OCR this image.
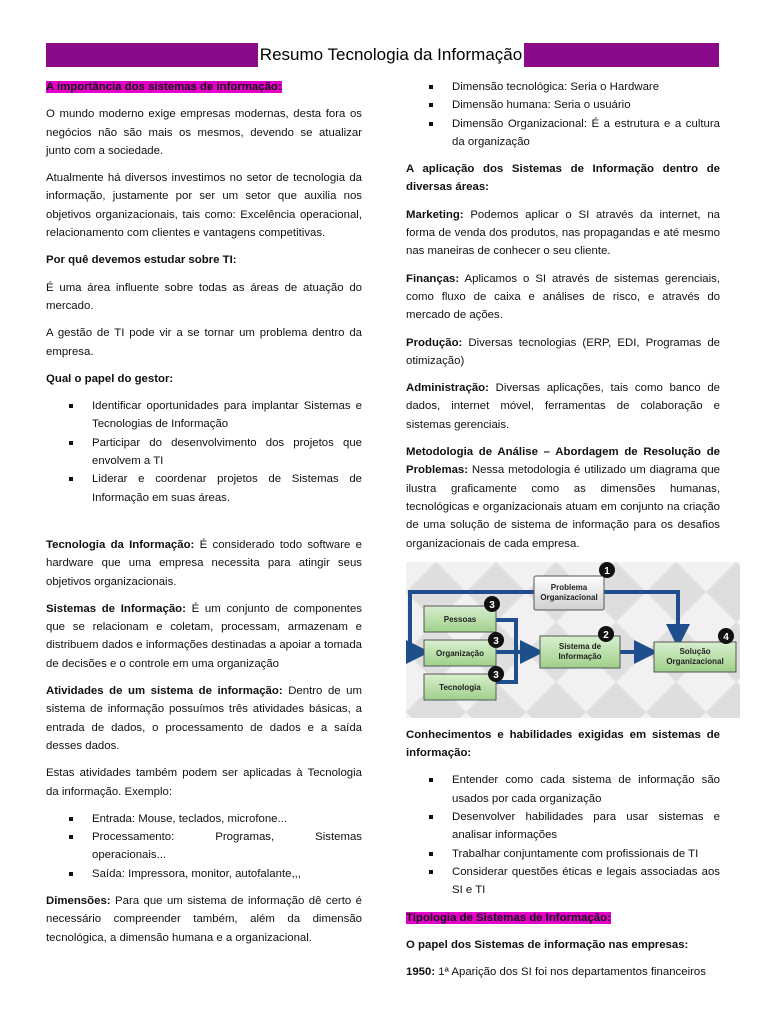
Resumo Tecnologia da Informação

A importância dos sistemas de informação:

O mundo moderno exige empresas modernas, desta fora os negócios não são mais os mesmos, devendo se atualizar junto com a sociedade.

Atualmente há diversos investimos no setor de tecnologia da informação, justamente por ser um setor que auxilia nos objetivos organizacionais, tais como: Excelência operacional, relacionamento com clientes e vantagens competitivas.

Por quê devemos estudar sobre TI:

É uma área influente sobre todas as áreas de atuação do mercado.

A gestão de TI pode vir a se tornar um problema dentro da empresa.

Qual o papel do gestor:

Identificar oportunidades para implantar Sistemas e Tecnologias de Informação
Participar do desenvolvimento dos projetos que envolvem a TI
Liderar e coordenar projetos de Sistemas de Informação em suas áreas.

Tecnologia da Informação: É considerado todo software e hardware que uma empresa necessita para atingir seus objetivos organizacionais.

Sistemas de Informação: É um conjunto de componentes que se relacionam e coletam, processam, armazenam e distribuem dados e informações destinadas a apoiar a tomada de decisões e o controle em uma organização

Atividades de um sistema de informação: Dentro de um sistema de informação possuímos três atividades básicas, a entrada de dados, o processamento de dados e a saída desses dados.

Estas atividades também podem ser aplicadas à Tecnologia da informação. Exemplo:

Entrada: Mouse, teclados, microfone...
Processamento: Programas, Sistemas operacionais...
Saída: Impressora, monitor, autofalante,,,

Dimensões: Para que um sistema de informação dê certo é necessário compreender também, além da dimensão tecnológica, a dimensão humana e a organizacional.

Dimensão tecnológica: Seria o Hardware
Dimensão humana: Seria o usuário
Dimensão Organizacional: É a estrutura e a cultura da organização

A aplicação dos Sistemas de Informação dentro de diversas áreas:

Marketing: Podemos aplicar o SI através da internet, na forma de venda dos produtos, nas propagandas e até mesmo nas maneiras de conhecer o seu cliente.

Finanças: Aplicamos o SI através de sistemas gerenciais, como fluxo de caixa e análises de risco, e através do mercado de ações.

Produção: Diversas tecnologias (ERP, EDI, Programas de otimização)

Administração: Diversas aplicações, tais como banco de dados, internet móvel, ferramentas de colaboração e sistemas gerenciais.

Metodologia de Análise – Abordagem de Resolução de Problemas: Nessa metodologia é utilizado um diagrama que ilustra graficamente como as dimensões humanas, tecnológicas e organizacionais atuam em conjunto na criação de uma solução de sistema de informação para os desafios organizacionais de cada empresa.

Problema
Organizacional
Pessoas
Organização
Tecnologia
Sistema de
Informação
Solução
Organizacional
1
2
3
3
3
4

Conhecimentos e habilidades exigidas em sistemas de informação:

Entender como cada sistema de informação são usados por cada organização
Desenvolver habilidades para usar sistemas e analisar informações
Trabalhar conjuntamente com profissionais de TI
Considerar questões éticas e legais associadas aos SI e TI

Tipologia de Sistemas de Informação:

O papel dos Sistemas de informação nas empresas:

1950: 1ª Aparição dos SI foi nos departamentos financeiros
